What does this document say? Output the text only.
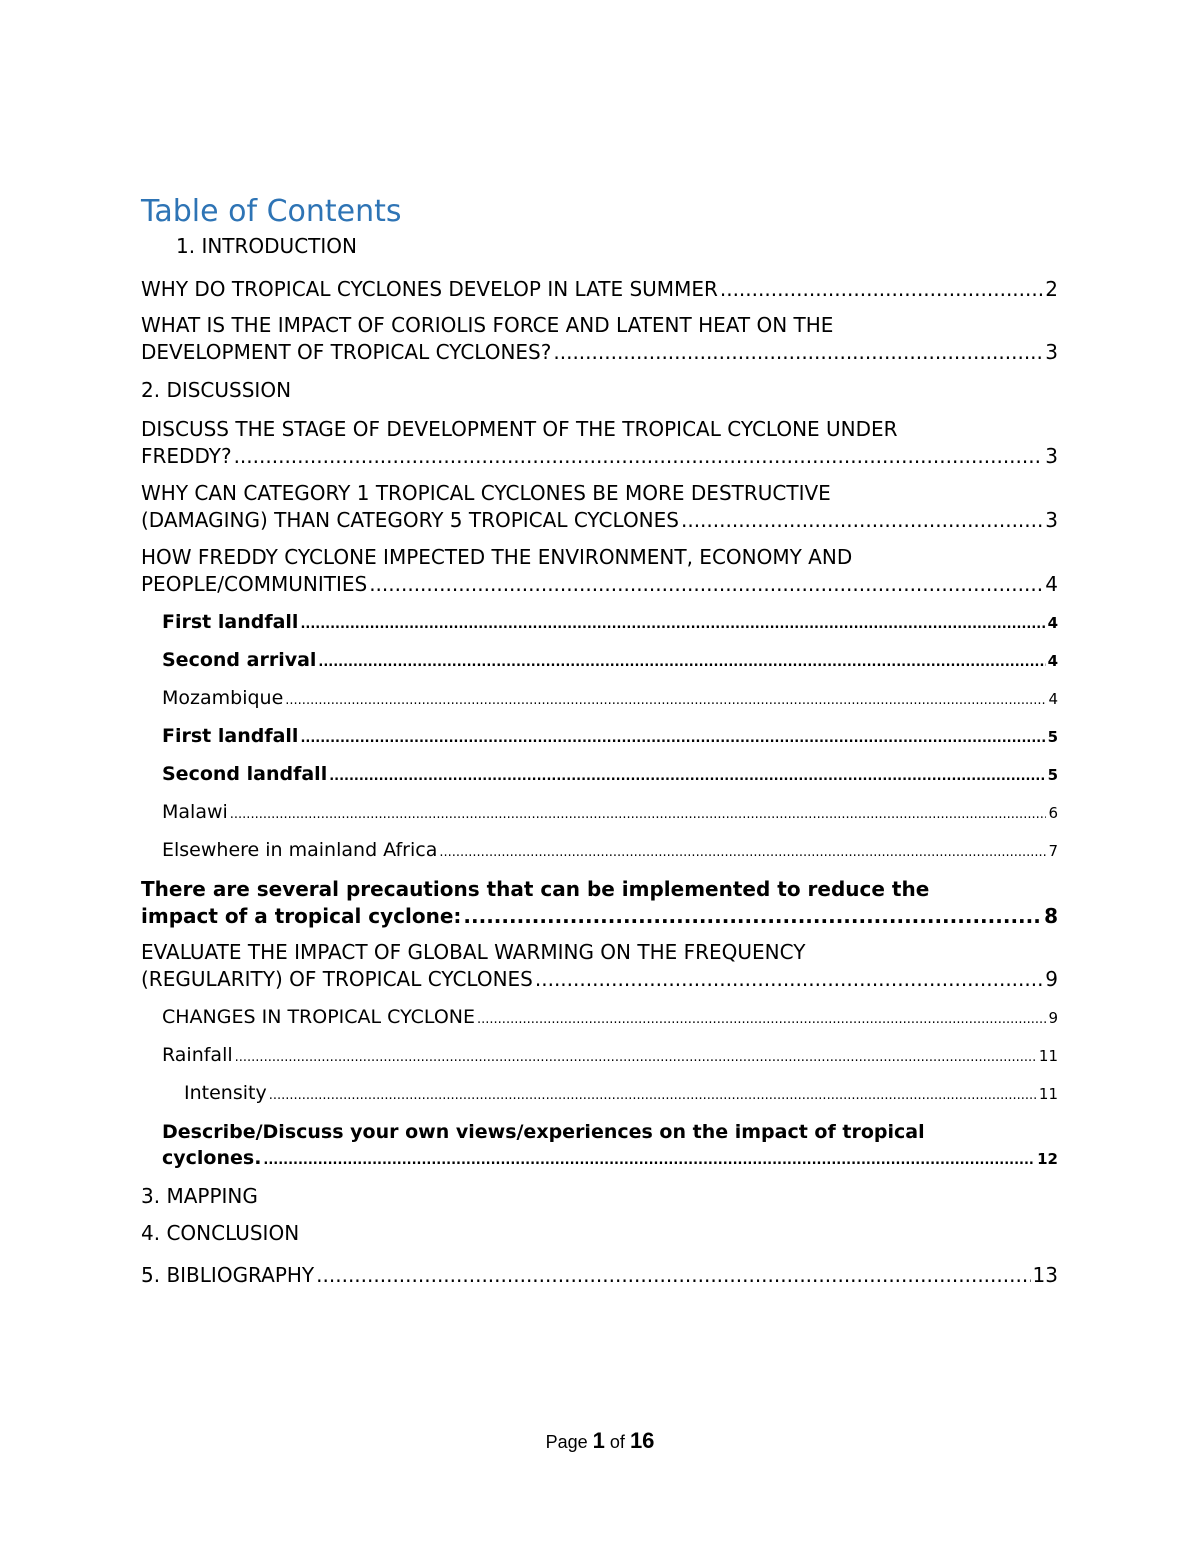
Table of Contents
1. INTRODUCTION
WHY DO TROPICAL CYCLONES DEVELOP IN LATE SUMMER .....	2
WHAT IS THE IMPACT OF CORIOLIS FORCE AND LATENT HEAT ON THE
DEVELOPMENT OF TROPICAL CYCLONES? .....	3
2. DISCUSSION
DISCUSS THE STAGE OF DEVELOPMENT OF THE TROPICAL CYCLONE UNDER
FREDDY? .....	3
WHY CAN CATEGORY 1 TROPICAL CYCLONES BE MORE DESTRUCTIVE
(DAMAGING) THAN CATEGORY 5 TROPICAL CYCLONES .....	3
HOW FREDDY CYCLONE IMPECTED THE ENVIRONMENT, ECONOMY AND
PEOPLE/COMMUNITIES .....	4
First landfall .....	4
Second arrival .....	4
Mozambique .....	4
First landfall .....	5
Second landfall .....	5
Malawi .....	6
Elsewhere in mainland Africa .....	7
There are several precautions that can be implemented to reduce the
impact of a tropical cyclone: .....	8
EVALUATE THE IMPACT OF GLOBAL WARMING ON THE FREQUENCY
(REGULARITY) OF TROPICAL CYCLONES .....	9
CHANGES IN TROPICAL CYCLONE .....	9
Rainfall .....	11
Intensity .....	11
Describe/Discuss your own views/experiences on the impact of tropical
cyclones. .....	12
3. MAPPING
4. CONCLUSION
5. BIBLIOGRAPHY .....	13
Page 1 of 16
